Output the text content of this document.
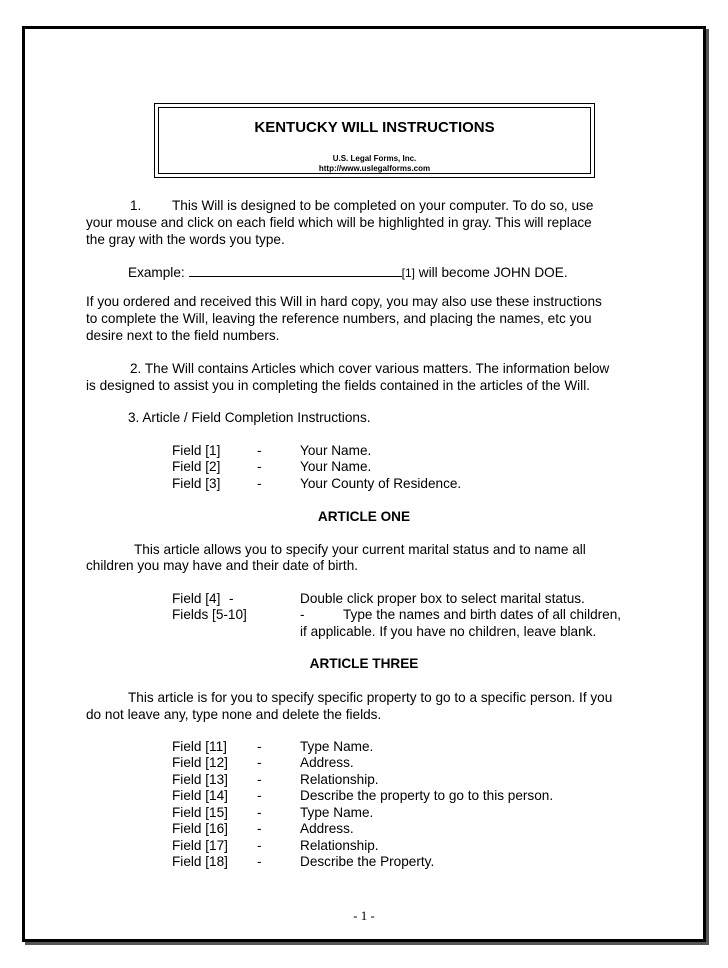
KENTUCKY WILL INSTRUCTIONS
U.S. Legal Forms, Inc.
http://www.uslegalforms.com
1. This Will is designed to be completed on your computer. To do so, use
your mouse and click on each field which will be highlighted in gray. This will replace
the gray with the words you type.
Example:	[1] will become JOHN DOE.
If you ordered and received this Will in hard copy, you may also use these instructions
to complete the Will, leaving the reference numbers, and placing the names, etc you
desire next to the field numbers.
2. The Will contains Articles which cover various matters. The information below
is designed to assist you in completing the fields contained in the articles of the Will.
3. Article / Field Completion Instructions.
Field [1]	-	Your Name.
Field [2]	-	Your Name.
Field [3]	-	Your County of Residence.
ARTICLE ONE
This article allows you to specify your current marital status and to name all
children you may have and their date of birth.
Field [4] -	Double click proper box to select marital status.
Fields [5-10]	-	Type the names and birth dates of all children,
if applicable. If you have no children, leave blank.
ARTICLE THREE
This article is for you to specify specific property to go to a specific person. If you
do not leave any, type none and delete the fields.
Field [11] -	Type Name.
Field [12] -	Address.
Field [13] -	Relationship.
Field [14] -	Describe the property to go to this person.
Field [15] -	Type Name.
Field [16] -	Address.
Field [17] -	Relationship.
Field [18] -	Describe the Property.
- 1 -
